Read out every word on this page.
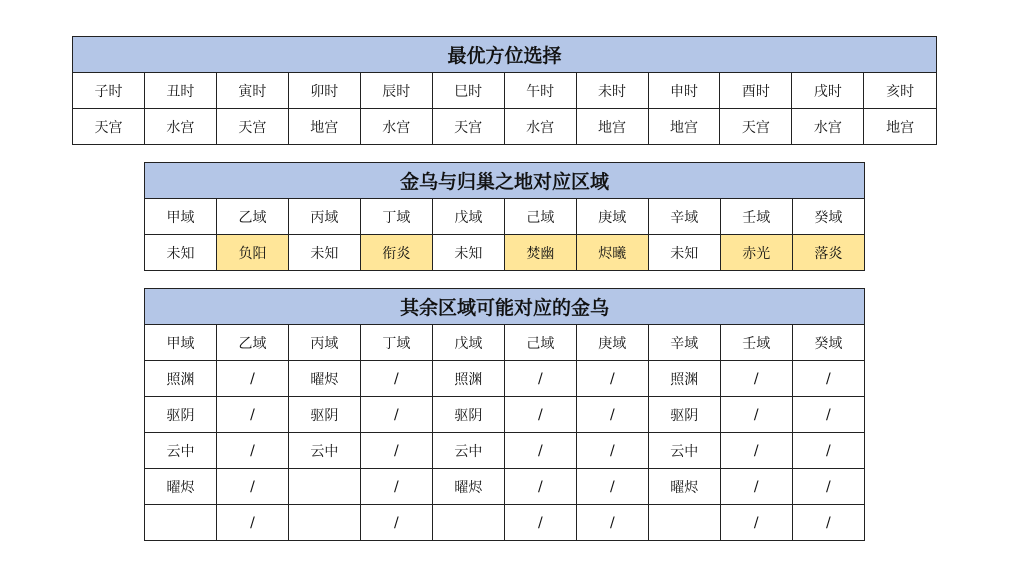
最优方位选择											
子时	丑时	寅时	卯时	辰时	巳时	午时	未时	申时	酉时	戌时	亥时
天宫	水宫	天宫	地宫	水宫	天宫	水宫	地宫	地宫	天宫	水宫	地宫
金乌与归巢之地对应区域									
甲域	乙域	丙域	丁域	戊域	己域	庚域	辛域	壬域	癸域
未知	负阳	未知	衔炎	未知	焚幽	烬曦	未知	赤光	落炎
其余区域可能对应的金乌									
甲域	乙域	丙域	丁域	戊域	己域	庚域	辛域	壬域	癸域
照渊	/	曜烬	/	照渊	/	/	照渊	/	/
驱阴	/	驱阴	/	驱阴	/	/	驱阴	/	/
云中	/	云中	/	云中	/	/	云中	/	/
曜烬	/		/	曜烬	/	/	曜烬	/	/
	/		/		/	/		/	/
